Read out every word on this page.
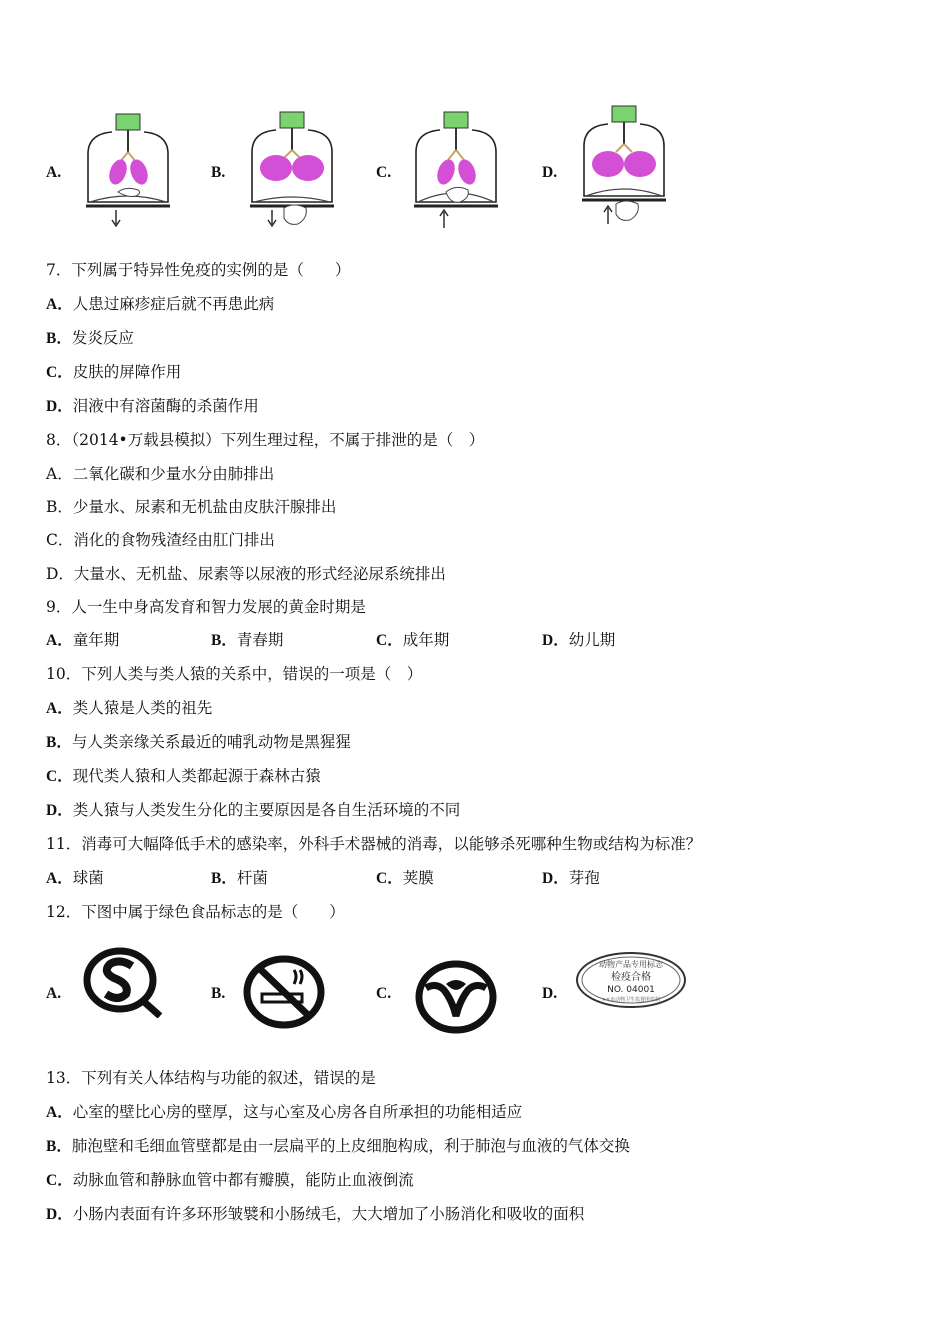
A.	B.	C.	D.
7．下列属于特异性免疫的实例的是（　　）
A．人患过麻疹症后就不再患此病
B．发炎反应
C．皮肤的屏障作用
D．泪液中有溶菌酶的杀菌作用
8．（2014•万载县模拟）下列生理过程，不属于排泄的是（　）
A．二氧化碳和少量水分由肺排出
B．少量水、尿素和无机盐由皮肤汗腺排出
C．消化的食物残渣经由肛门排出
D．大量水、无机盐、尿素等以尿液的形式经泌尿系统排出
9．人一生中身高发育和智力发展的黄金时期是
A．童年期	B．青春期	C．成年期	D．幼儿期
10．下列人类与类人猿的关系中，错误的一项是（　）
A．类人猿是人类的祖先
B．与人类亲缘关系最近的哺乳动物是黑猩猩
C．现代类人猿和人类都起源于森林古猿
D．类人猿与人类发生分化的主要原因是各自生活环境的不同
11．消毒可大幅降低手术的感染率，外科手术器械的消毒，以能够杀死哪种生物或结构为标准？
A．球菌	B．杆菌	C．荚膜	D．芽孢
12．下图中属于绿色食品标志的是（　　）
A.	B.	C.	D.
动物产品专用标志
检疫合格
NO. 04001
××市动物卫生监督所监制
13．下列有关人体结构与功能的叙述，错误的是
A．心室的壁比心房的壁厚，这与心室及心房各自所承担的功能相适应
B．肺泡壁和毛细血管壁都是由一层扁平的上皮细胞构成，利于肺泡与血液的气体交换
C．动脉血管和静脉血管中都有瓣膜，能防止血液倒流
D．小肠内表面有许多环形皱襞和小肠绒毛，大大增加了小肠消化和吸收的面积
